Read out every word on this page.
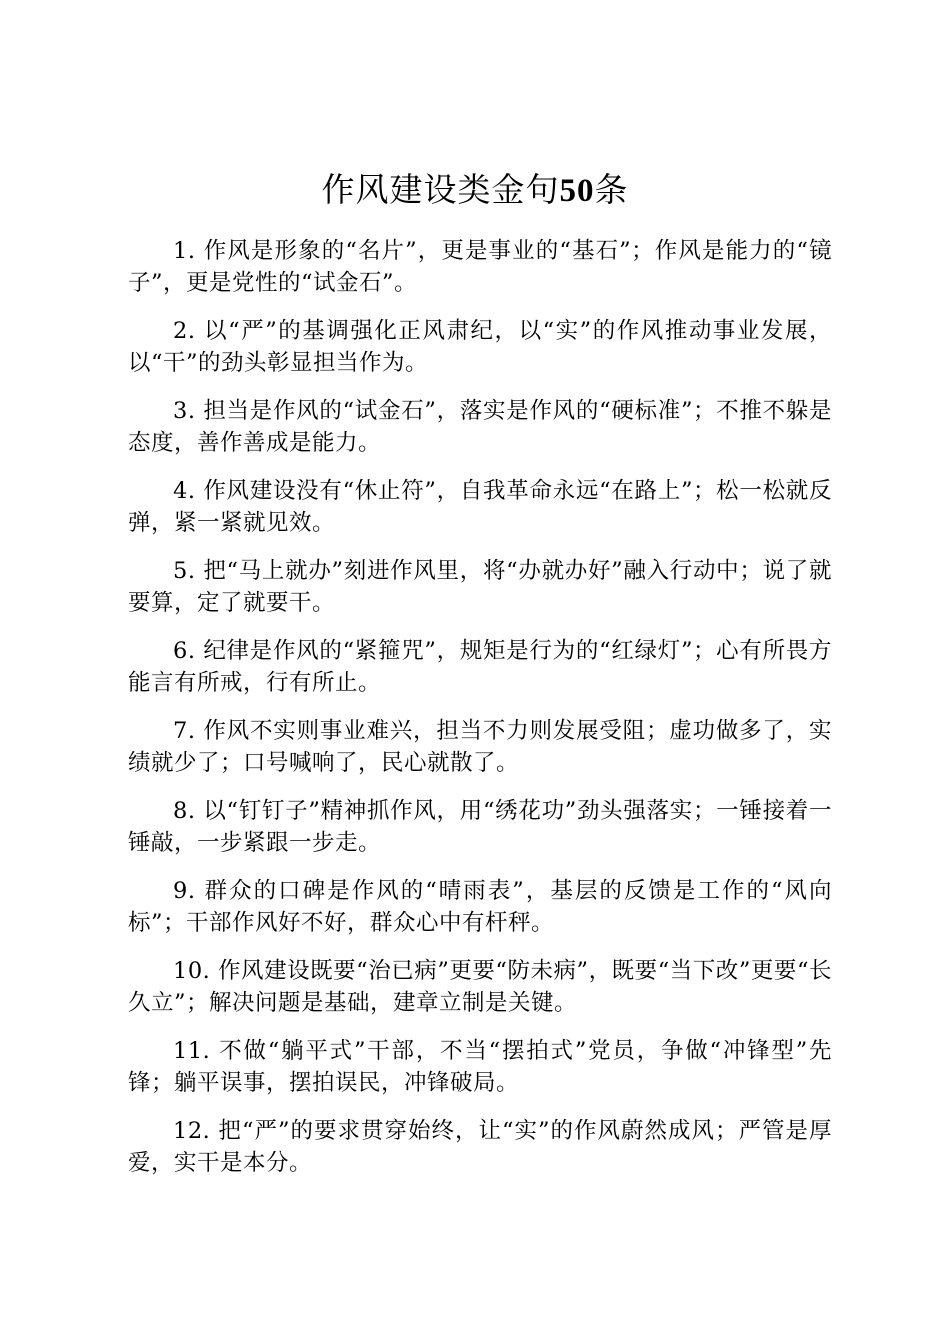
作风建设类金句50条

1. 作风是形象的“名片”，更是事业的“基石”；作风是能力的“镜子”，更是党性的“试金石”。

2. 以“严”的基调强化正风肃纪，以“实”的作风推动事业发展，以“干”的劲头彰显担当作为。

3. 担当是作风的“试金石”，落实是作风的“硬标准”；不推不躲是态度，善作善成是能力。

4. 作风建设没有“休止符”，自我革命永远“在路上”；松一松就反弹，紧一紧就见效。

5. 把“马上就办”刻进作风里，将“办就办好”融入行动中；说了就要算，定了就要干。

6. 纪律是作风的“紧箍咒”，规矩是行为的“红绿灯”；心有所畏方能言有所戒，行有所止。

7. 作风不实则事业难兴，担当不力则发展受阻；虚功做多了，实绩就少了；口号喊响了，民心就散了。

8. 以“钉钉子”精神抓作风，用“绣花功”劲头强落实；一锤接着一锤敲，一步紧跟一步走。

9. 群众的口碑是作风的“晴雨表”，基层的反馈是工作的“风向标”；干部作风好不好，群众心中有杆秤。

10. 作风建设既要“治已病”更要“防未病”，既要“当下改”更要“长久立”；解决问题是基础，建章立制是关键。

11. 不做“躺平式”干部，不当“摆拍式”党员，争做“冲锋型”先锋；躺平误事，摆拍误民，冲锋破局。

12. 把“严”的要求贯穿始终，让“实”的作风蔚然成风；严管是厚爱，实干是本分。
